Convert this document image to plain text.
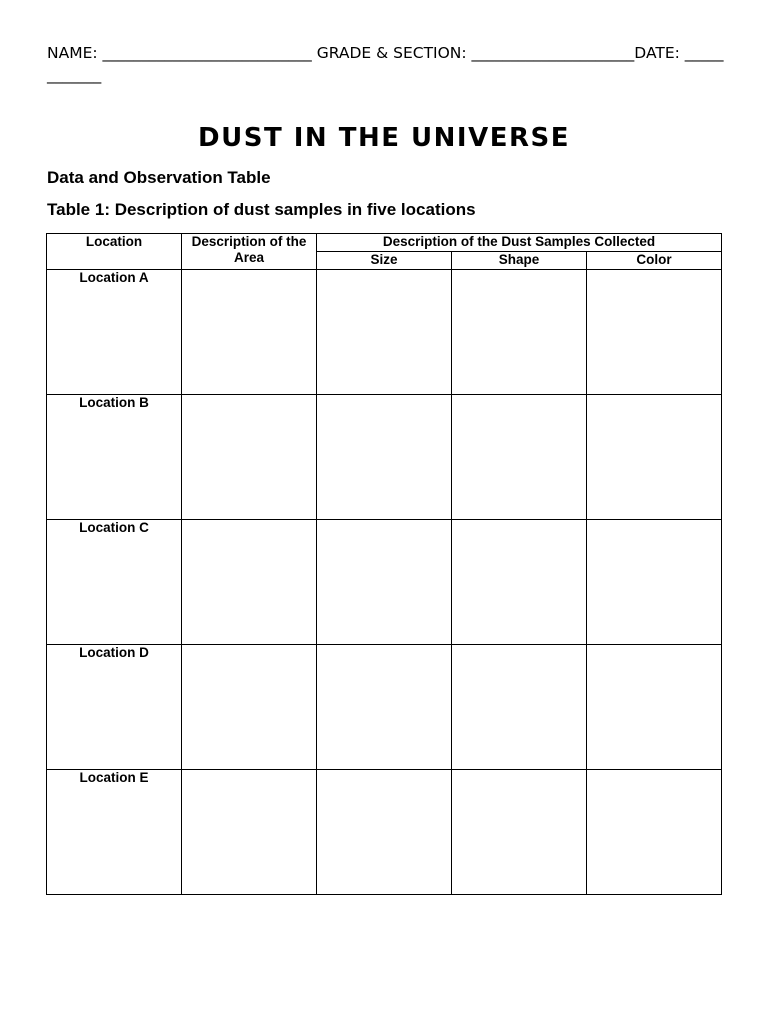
NAME: ___________________________ GRADE & SECTION: _____________________DATE: ____________
DUST IN THE UNIVERSE
Data and Observation Table
Table 1: Description of dust samples in five locations
Location	Description of the Area	Description of the Dust Samples Collected		
		Size	Shape	Color
Location A				
Location B				
Location C				
Location D				
Location E				
